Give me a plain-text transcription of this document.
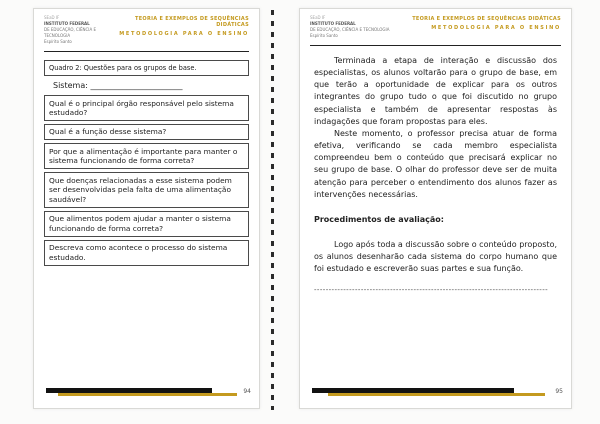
SEaD IF
INSTITUTO FEDERAL
DE EDUCAÇÃO, CIÊNCIA E TECNOLOGIA
Espírito Santo
TEORIA E EXEMPLOS DE SEQUÊNCIAS DIDÁTICAS
METODOLOGIA PARA O ENSINO
Quadro 2: Questões para os grupos de base.
Sistema: _______________________
Qual é o principal órgão responsável pelo sistema estudado?
Qual é a função desse sistema?
Por que a alimentação é importante para manter o sistema funcionando de forma correta?
Que doenças relacionadas a esse sistema podem ser desenvolvidas pela falta de uma alimentação saudável?
Que alimentos podem ajudar a manter o sistema funcionando de forma correta?
Descreva como acontece o processo do sistema estudado.
94
SEaD IF
INSTITUTO FEDERAL
DE EDUCAÇÃO, CIÊNCIA E TECNOLOGIA
Espírito Santo
TEORIA E EXEMPLOS DE SEQUÊNCIAS DIDÁTICAS
METODOLOGIA PARA O ENSINO
Terminada a etapa de interação e discussão dos especialistas, os alunos voltarão para o grupo de base, em que terão a oportunidade de explicar para os outros integrantes do grupo tudo o que foi discutido no grupo especialista e também de apresentar respostas às indagações que foram propostas para eles.
Neste momento, o professor precisa atuar de forma efetiva, verificando se cada membro especialista compreendeu bem o conteúdo que precisará explicar no seu grupo de base. O olhar do professor deve ser de muita atenção para perceber o entendimento dos alunos fazer as intervenções necessárias.
Procedimentos de avaliação:
Logo após toda a discussão sobre o conteúdo proposto, os alunos desenharão cada sistema do corpo humano que foi estudado e escreverão suas partes e sua função.
--------------------------------------------------------------------------------
95
